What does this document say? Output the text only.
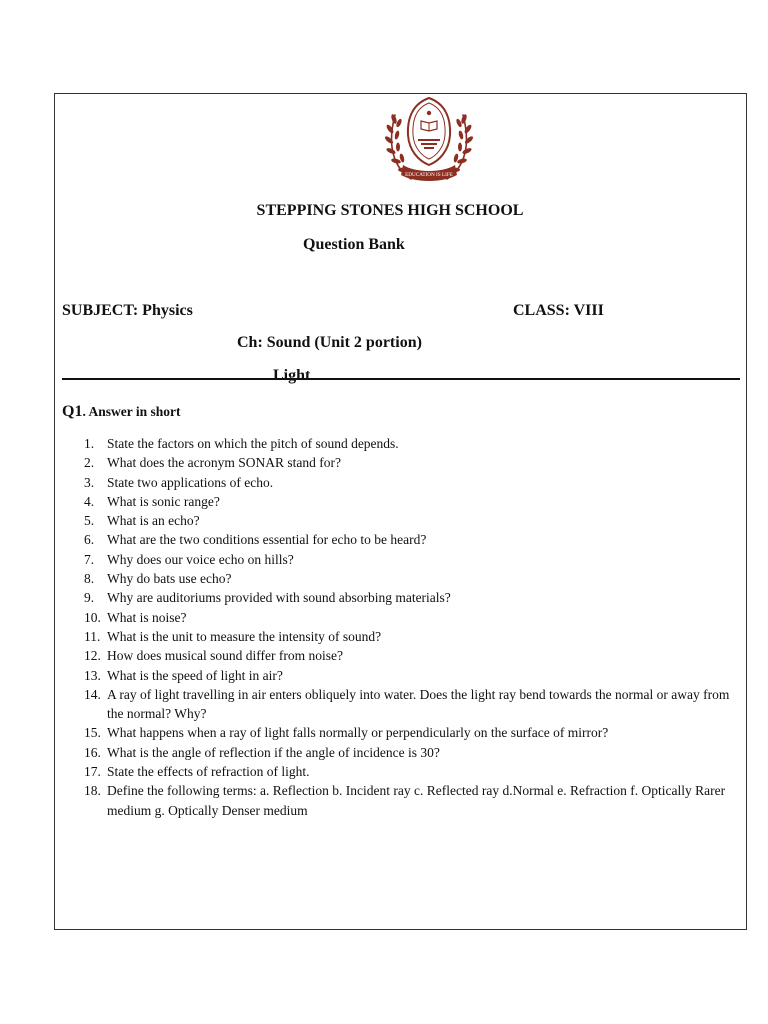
EDUCATION IS LIFE
STEPPING STONES HIGH SCHOOL
Question Bank
SUBJECT: Physics	CLASS: VIII
Ch: Sound (Unit 2 portion)
Light
Q1. Answer in short
1. State the factors on which the pitch of sound depends.
2. What does the acronym SONAR stand for?
3. State two applications of echo.
4. What is sonic range?
5. What is an echo?
6. What are the two conditions essential for echo to be heard?
7. Why does our voice echo on hills?
8. Why do bats use echo?
9. Why are auditoriums provided with sound absorbing materials?
10. What is noise?
11. What is the unit to measure the intensity of sound?
12. How does musical sound differ from noise?
13. What is the speed of light in air?
14. A ray of light travelling in air enters obliquely into water. Does the light ray bend towards the normal or away from the normal? Why?
15. What happens when a ray of light falls normally or perpendicularly on the surface of mirror?
16. What is the angle of reflection if the angle of incidence is 30?
17. State the effects of refraction of light.
18. Define the following terms: a. Reflection b. Incident ray c. Reflected ray d.Normal e. Refraction f. Optically Rarer medium g. Optically Denser medium
